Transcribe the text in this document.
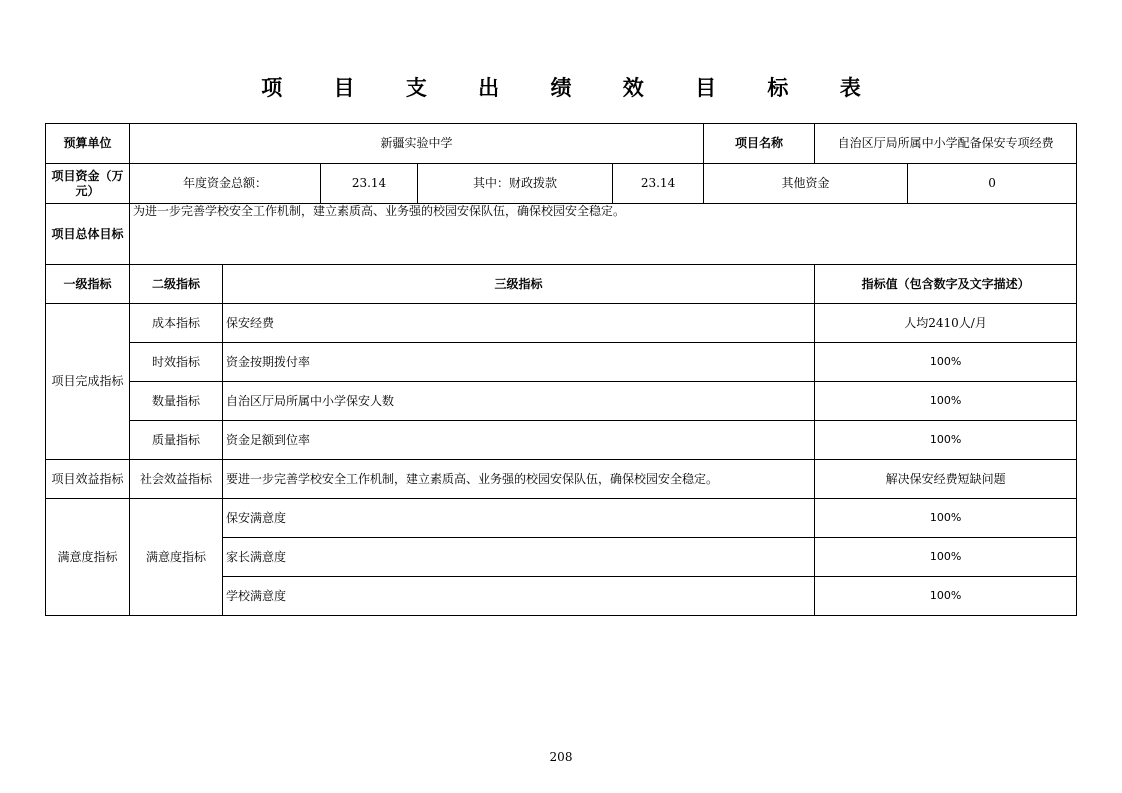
项 目 支 出 绩 效 目 标 表
预算单位	新疆实验中学					项目名称	自治区厅局所属中小学配备保安专项经费	
项目资金（万元）	年度资金总额：		23.14	其中：财政拨款	23.14	其他资金		0
项目总体目标	为进一步完善学校安全工作机制，建立素质高、业务强的校园安保队伍，确保校园安全稳定。							
一级指标	二级指标	三级指标					指标值（包含数字及文字描述）	
项目完成指标	成本指标	保安经费					人均2410人/月	
	时效指标	资金按期拨付率					100%	
	数量指标	自治区厅局所属中小学保安人数					100%	
	质量指标	资金足额到位率					100%	
项目效益指标	社会效益指标	要进一步完善学校安全工作机制，建立素质高、业务强的校园安保队伍，确保校园安全稳定。					解决保安经费短缺问题	
满意度指标	满意度指标	保安满意度					100%	
		家长满意度					100%	
		学校满意度					100%	
208
